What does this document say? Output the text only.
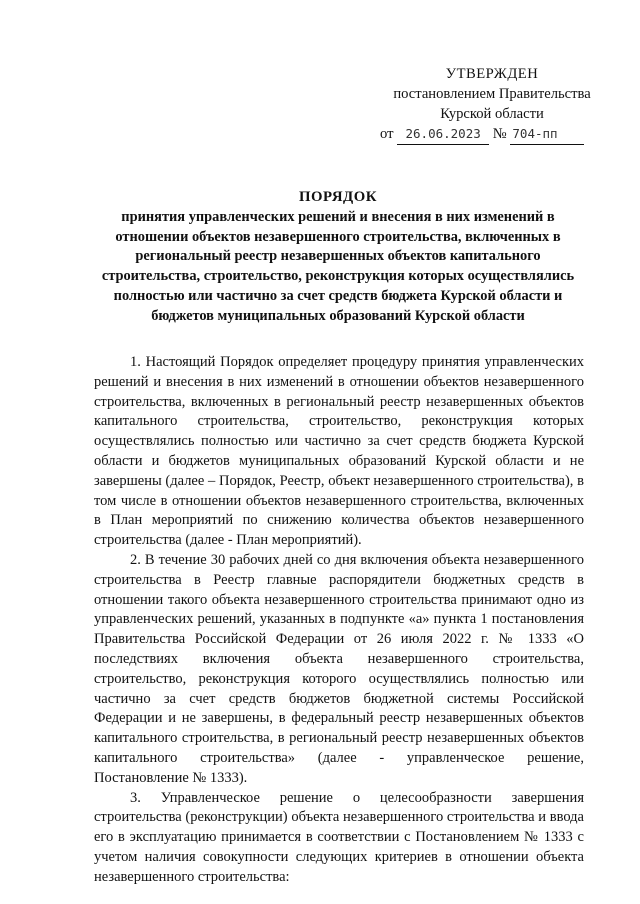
УТВЕРЖДЕН
постановлением Правительства
Курской области
от 26.06.2023 № 704-пп
ПОРЯДОК
принятия управленческих решений и внесения в них изменений в отношении объектов незавершенного строительства, включенных в региональный реестр незавершенных объектов капитального строительства, строительство, реконструкция которых осуществлялись полностью или частично за счет средств бюджета Курской области и бюджетов муниципальных образований Курской области

1. Настоящий Порядок определяет процедуру принятия управленческих решений и внесения в них изменений в отношении объектов незавершенного строительства, включенных в региональный реестр незавершенных объектов капитального строительства, строительство, реконструкция которых осуществлялись полностью или частично за счет средств бюджета Курской области и бюджетов муниципальных образований Курской области и не завершены (далее – Порядок, Реестр, объект незавершенного строительства), в том числе в отношении объектов незавершенного строительства, включенных в План мероприятий по снижению количества объектов незавершенного строительства (далее - План мероприятий).

2. В течение 30 рабочих дней со дня включения объекта незавершенного строительства в Реестр главные распорядители бюджетных средств в отношении такого объекта незавершенного строительства принимают одно из управленческих решений, указанных в подпункте «а» пункта 1 постановления Правительства Российской Федерации от 26 июля 2022 г. № 1333 «О последствиях включения объекта незавершенного строительства, строительство, реконструкция которого осуществлялись полностью или частично за счет средств бюджетов бюджетной системы Российской Федерации и не завершены, в федеральный реестр незавершенных объектов капитального строительства, в региональный реестр незавершенных объектов капитального строительства» (далее - управленческое решение, Постановление № 1333).

3. Управленческое решение о целесообразности завершения строительства (реконструкции) объекта незавершенного строительства и ввода его в эксплуатацию принимается в соответствии с Постановлением № 1333 с учетом наличия совокупности следующих критериев в отношении объекта незавершенного строительства:
